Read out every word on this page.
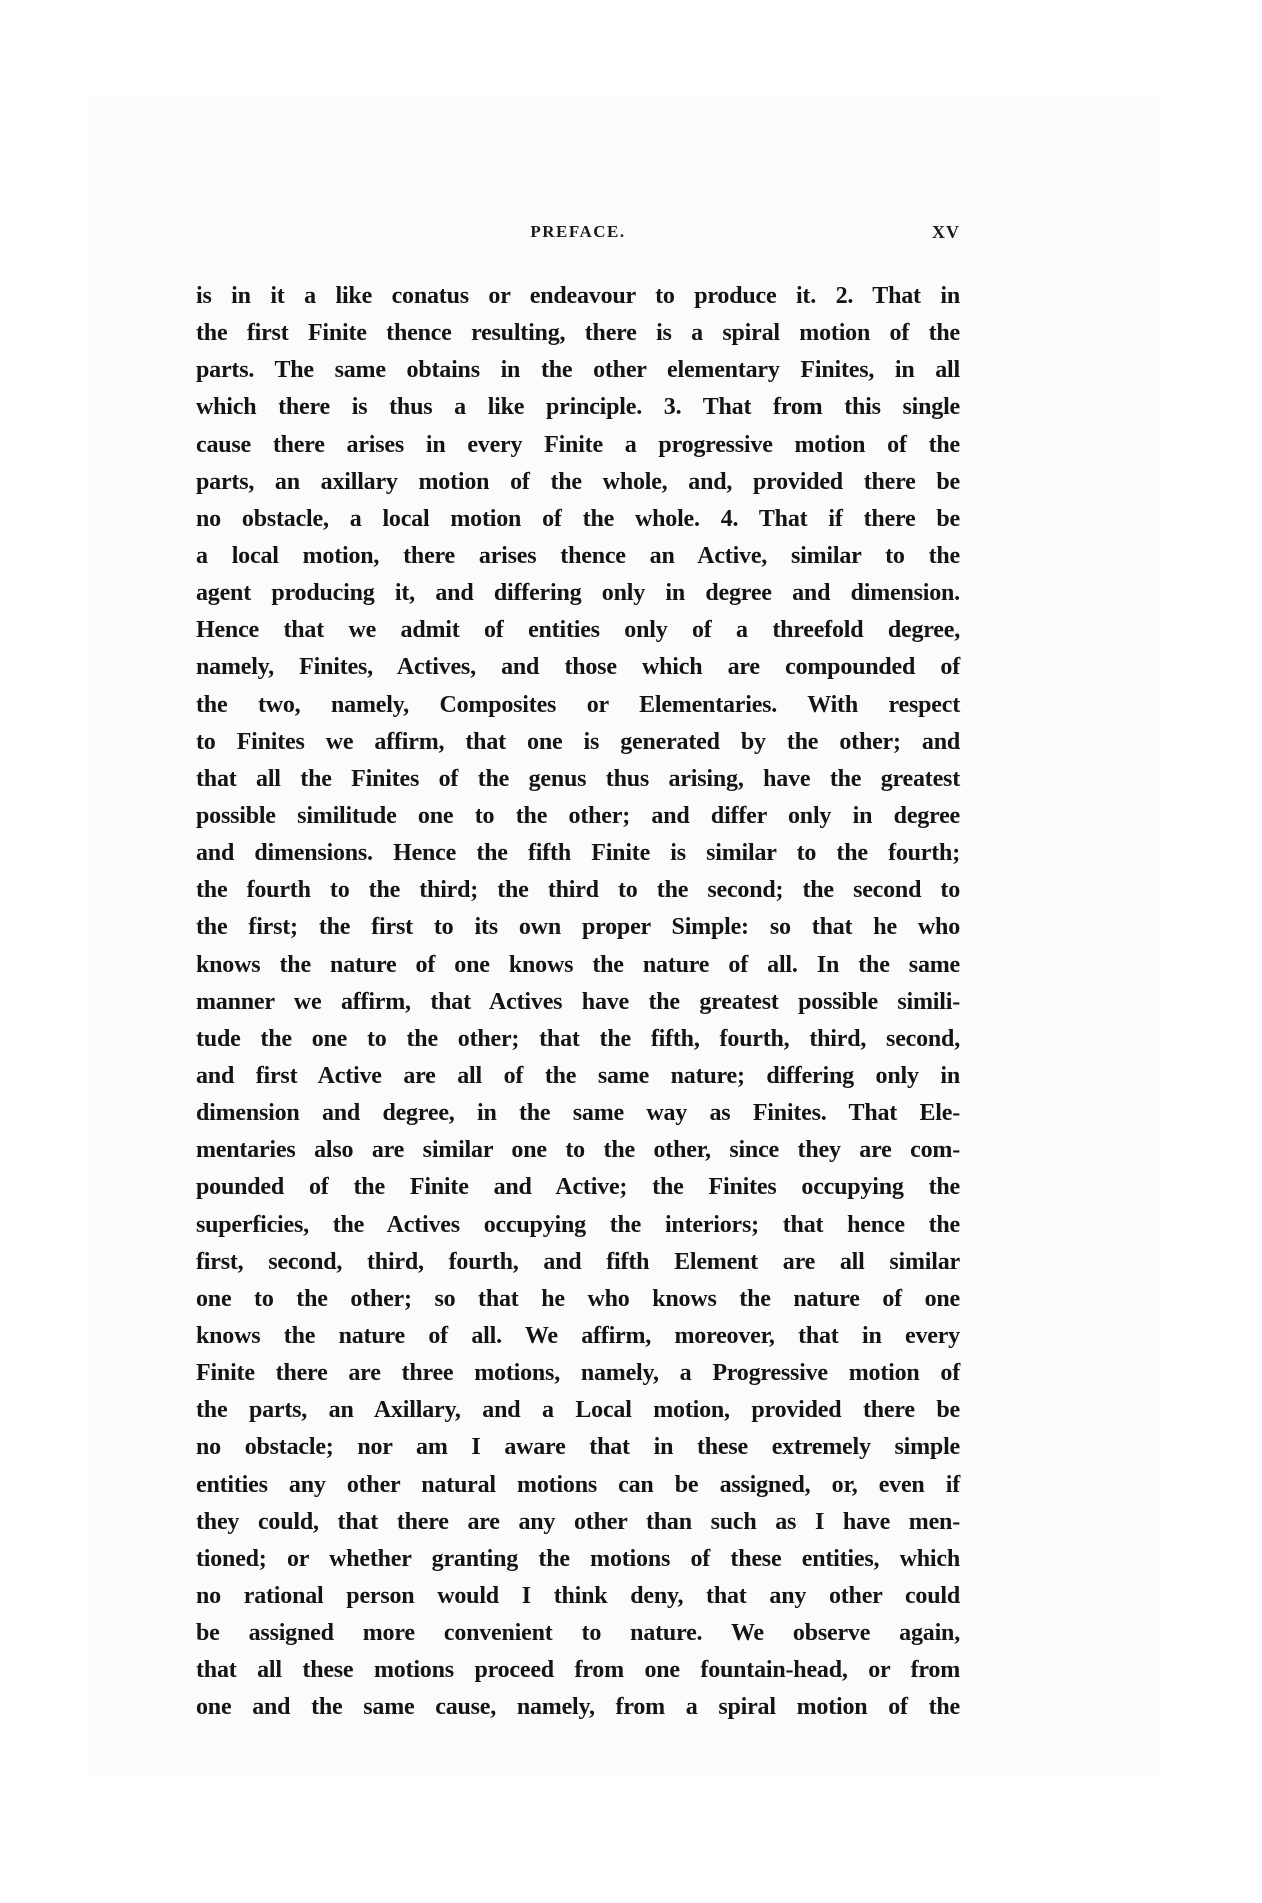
PREFACE.	XV
is in it a like conatus or endeavour to produce it. 2. That in
the first Finite thence resulting, there is a spiral motion of the
parts. The same obtains in the other elementary Finites, in all
which there is thus a like principle. 3. That from this single
cause there arises in every Finite a progressive motion of the
parts, an axillary motion of the whole, and, provided there be
no obstacle, a local motion of the whole. 4. That if there be
a local motion, there arises thence an Active, similar to the
agent producing it, and differing only in degree and dimension.
Hence that we admit of entities only of a threefold degree,
namely, Finites, Actives, and those which are compounded of
the two, namely, Composites or Elementaries. With respect
to Finites we affirm, that one is generated by the other; and
that all the Finites of the genus thus arising, have the greatest
possible similitude one to the other; and differ only in degree
and dimensions. Hence the fifth Finite is similar to the fourth;
the fourth to the third; the third to the second; the second to
the first; the first to its own proper Simple: so that he who
knows the nature of one knows the nature of all. In the same
manner we affirm, that Actives have the greatest possible simili-
tude the one to the other; that the fifth, fourth, third, second,
and first Active are all of the same nature; differing only in
dimension and degree, in the same way as Finites. That Ele-
mentaries also are similar one to the other, since they are com-
pounded of the Finite and Active; the Finites occupying the
superficies, the Actives occupying the interiors; that hence the
first, second, third, fourth, and fifth Element are all similar
one to the other; so that he who knows the nature of one
knows the nature of all. We affirm, moreover, that in every
Finite there are three motions, namely, a Progressive motion of
the parts, an Axillary, and a Local motion, provided there be
no obstacle; nor am I aware that in these extremely simple
entities any other natural motions can be assigned, or, even if
they could, that there are any other than such as I have men-
tioned; or whether granting the motions of these entities, which
no rational person would I think deny, that any other could
be assigned more convenient to nature. We observe again,
that all these motions proceed from one fountain-head, or from
one and the same cause, namely, from a spiral motion of the
